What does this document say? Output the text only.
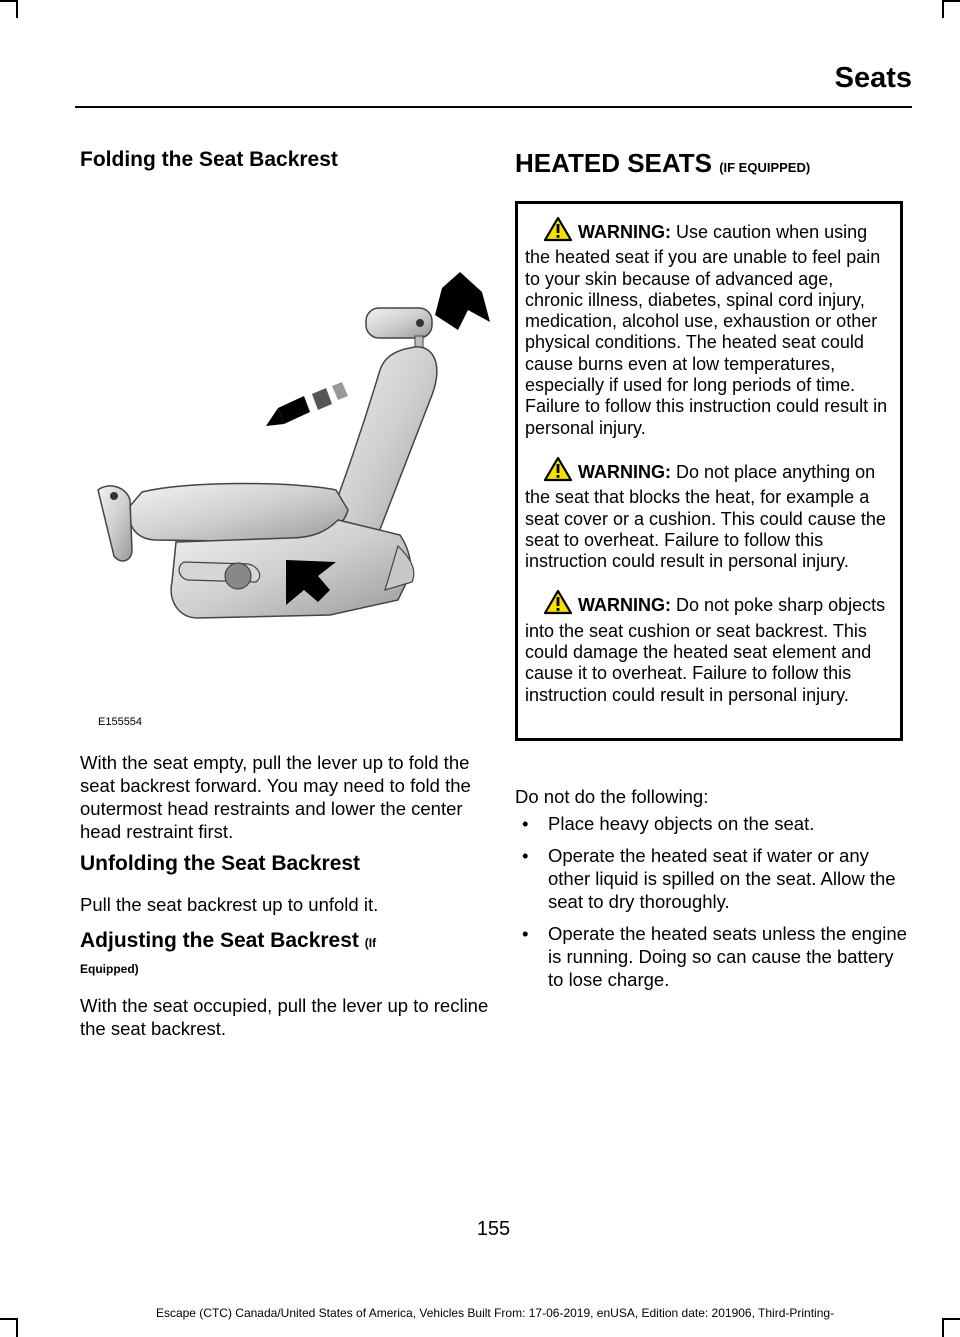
Seats
Folding the Seat Backrest
E155554

With the seat empty, pull the lever up to fold the seat backrest forward. You may need to fold the outermost head restraints and lower the center head restraint first.

Unfolding the Seat Backrest

Pull the seat backrest up to unfold it.

Adjusting the Seat Backrest (If
Equipped)

With the seat occupied, pull the lever up to recline the seat backrest.

HEATED SEATS (IF EQUIPPED)

WARNING: Use caution when using the heated seat if you are unable to feel pain to your skin because of advanced age, chronic illness, diabetes, spinal cord injury, medication, alcohol use, exhaustion or other physical conditions. The heated seat could cause burns even at low temperatures, especially if used for long periods of time. Failure to follow this instruction could result in personal injury.

WARNING: Do not place anything on the seat that blocks the heat, for example a seat cover or a cushion. This could cause the seat to overheat. Failure to follow this instruction could result in personal injury.

WARNING: Do not poke sharp objects into the seat cushion or seat backrest. This could damage the heated seat element and cause it to overheat. Failure to follow this instruction could result in personal injury.

Do not do the following:

• Place heavy objects on the seat.
• Operate the heated seat if water or any other liquid is spilled on the seat. Allow the seat to dry thoroughly.
• Operate the heated seats unless the engine is running. Doing so can cause the battery to lose charge.
155
Escape (CTC) Canada/United States of America, Vehicles Built From: 17-06-2019, enUSA, Edition date: 201906, Third-Printing-
